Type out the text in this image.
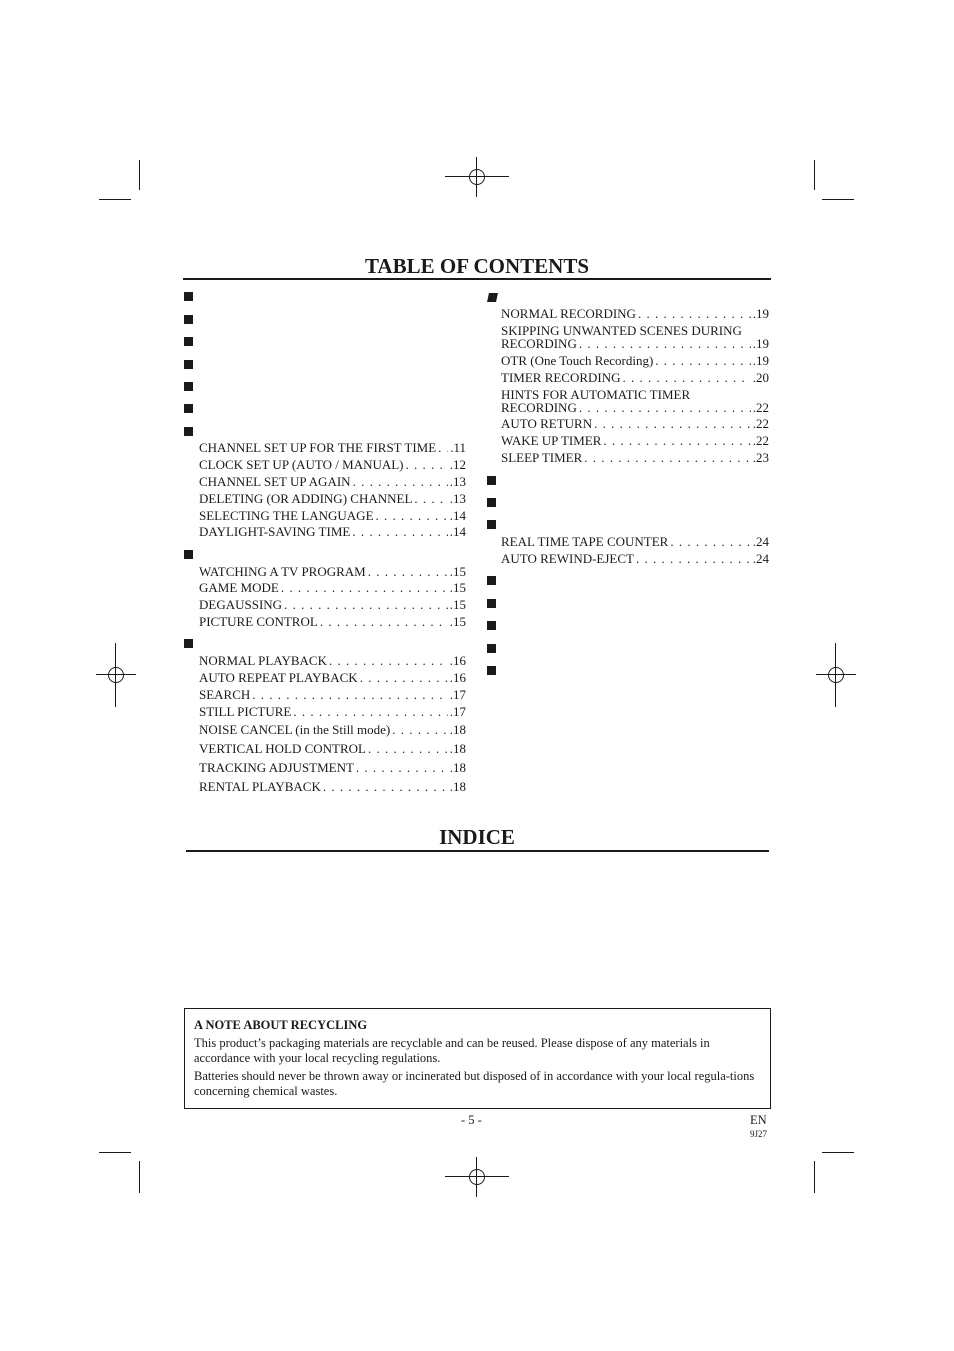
TABLE OF CONTENTS
CHANNEL SET UP FOR THE FIRST TIME . . . .11
CLOCK SET UP (AUTO / MANUAL) . . .	.12
CHANNEL SET UP AGAIN . . .	.13
DELETING (OR ADDING) CHANNEL . . .	.13
SELECTING THE LANGUAGE . . .	.14
DAYLIGHT-SAVING TIME . . .	.14
WATCHING A TV PROGRAM . . .	.15
GAME MODE . . .	.15
DEGAUSSING . . .	.15
PICTURE CONTROL . . .	.15
NORMAL PLAYBACK . . .	.16
AUTO REPEAT PLAYBACK . . .	.16
SEARCH . . .	.17
STILL PICTURE . . .	.17
NOISE CANCEL (in the Still mode) . . .	.18
VERTICAL HOLD CONTROL . . .	.18
TRACKING ADJUSTMENT . . .	.18
RENTAL PLAYBACK . . .	.18
NORMAL RECORDING . . .	.19
SKIPPING UNWANTED SCENES DURING
RECORDING . . .	.19
OTR (One Touch Recording) . . .	.19
TIMER RECORDING . . .	.20
HINTS FOR AUTOMATIC TIMER
RECORDING . . .	.22
AUTO RETURN . . .	.22
WAKE UP TIMER . . .	.22
SLEEP TIMER . . .	.23
REAL TIME TAPE COUNTER . . .	.24
AUTO REWIND-EJECT . . .	.24
INDICE
A NOTE ABOUT RECYCLING

This product’s packaging materials are recyclable and can be reused. Please dispose of any materials in accordance with your local recycling regulations.

Batteries should never be thrown away or incinerated but disposed of in accordance with your local regula-tions concerning chemical wastes.

- 5 -	EN
9J27
